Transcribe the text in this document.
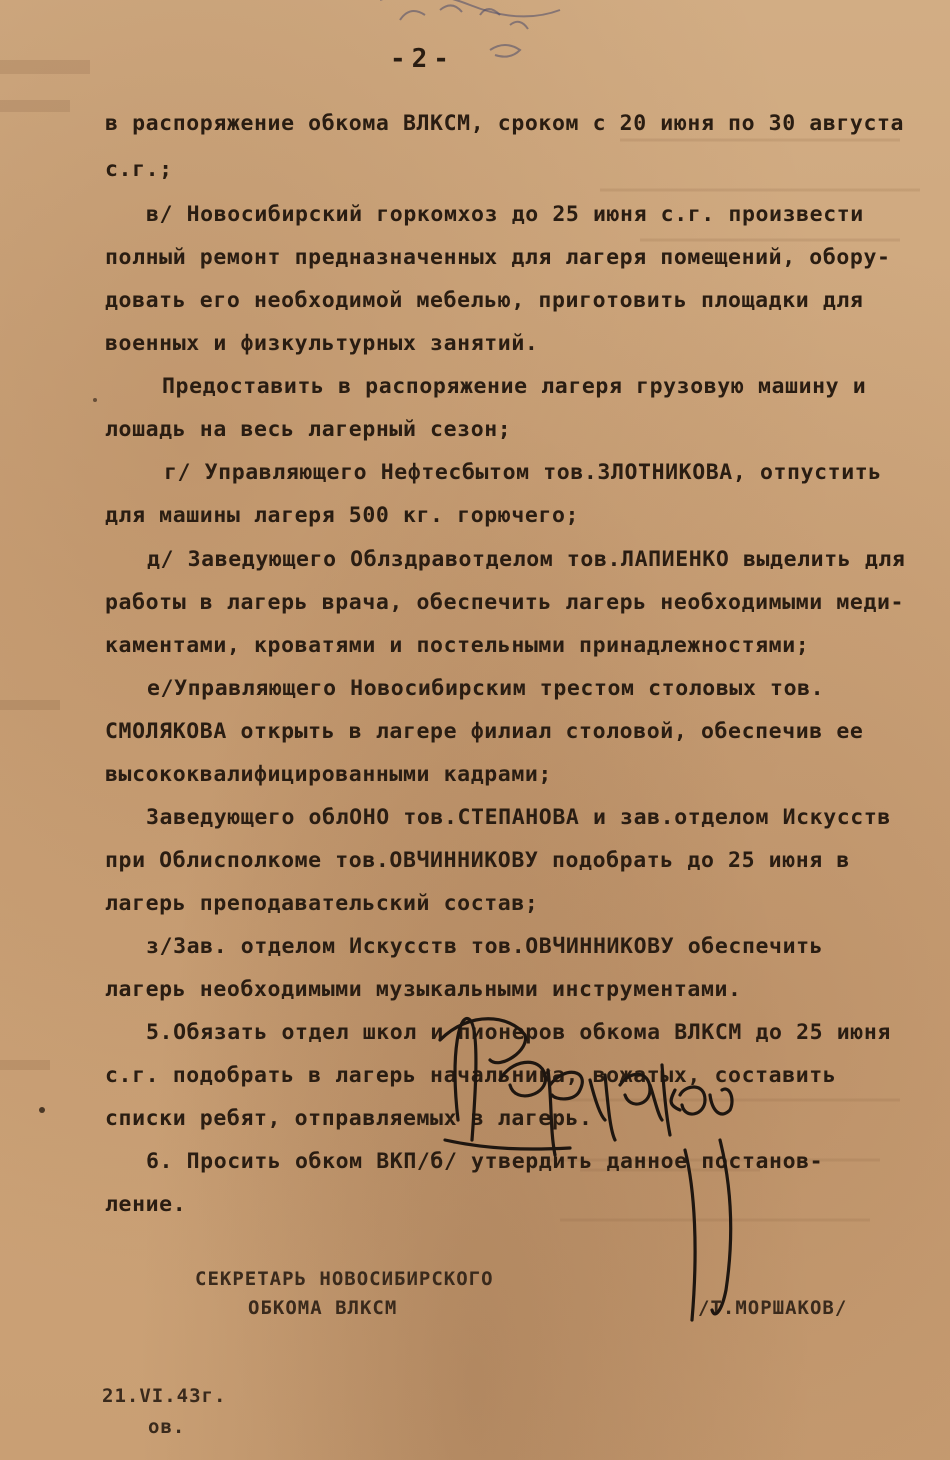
-2-
в распоряжение обкома ВЛКСМ, сроком с 20 июня по 30 августа
с.г.;
в/ Новосибирский горкомхоз до 25 июня с.г. произвести
полный ремонт предназначенных для лагеря помещений, обору-
довать его необходимой мебелью, приготовить площадки для
военных и физкультурных занятий.
Предоставить в распоряжение лагеря грузовую машину и
лошадь на весь лагерный сезон;
г/ Управляющего Нефтесбытом тов.ЗЛОТНИКОВА, отпустить
для машины лагеря 500 кг. горючего;
д/ Заведующего Облздравотделом тов.ЛАПИЕНКО выделить для
работы в лагерь врача, обеспечить лагерь необходимыми меди-
каментами, кроватями и постельными принадлежностями;
е/Управляющего Новосибирским трестом столовых тов.
СМОЛЯКОВА открыть в лагере филиал столовой, обеспечив ее
высококвалифицированными кадрами;
Заведующего облОНО тов.СТЕПАНОВА и зав.отделом Искусств
при Облисполкоме тов.ОВЧИННИКОВУ подобрать до 25 июня в
лагерь преподавательский состав;
з/Зав. отделом Искусств тов.ОВЧИННИКОВУ обеспечить
лагерь необходимыми музыкальными инструментами.
5.Обязать отдел школ и пионеров обкома ВЛКСМ до 25 июня
с.г. подобрать в лагерь начальника, вожатых, составить
списки ребят, отправляемых в лагерь.
6. Просить обком ВКП/б/ утвердить данное постанов-
ление.
СЕКРЕТАРЬ НОВОСИБИРСКОГО
ОБКОМА ВЛКСМ	/Т.МОРШАКОВ/
21.VI.43г.
ов.
